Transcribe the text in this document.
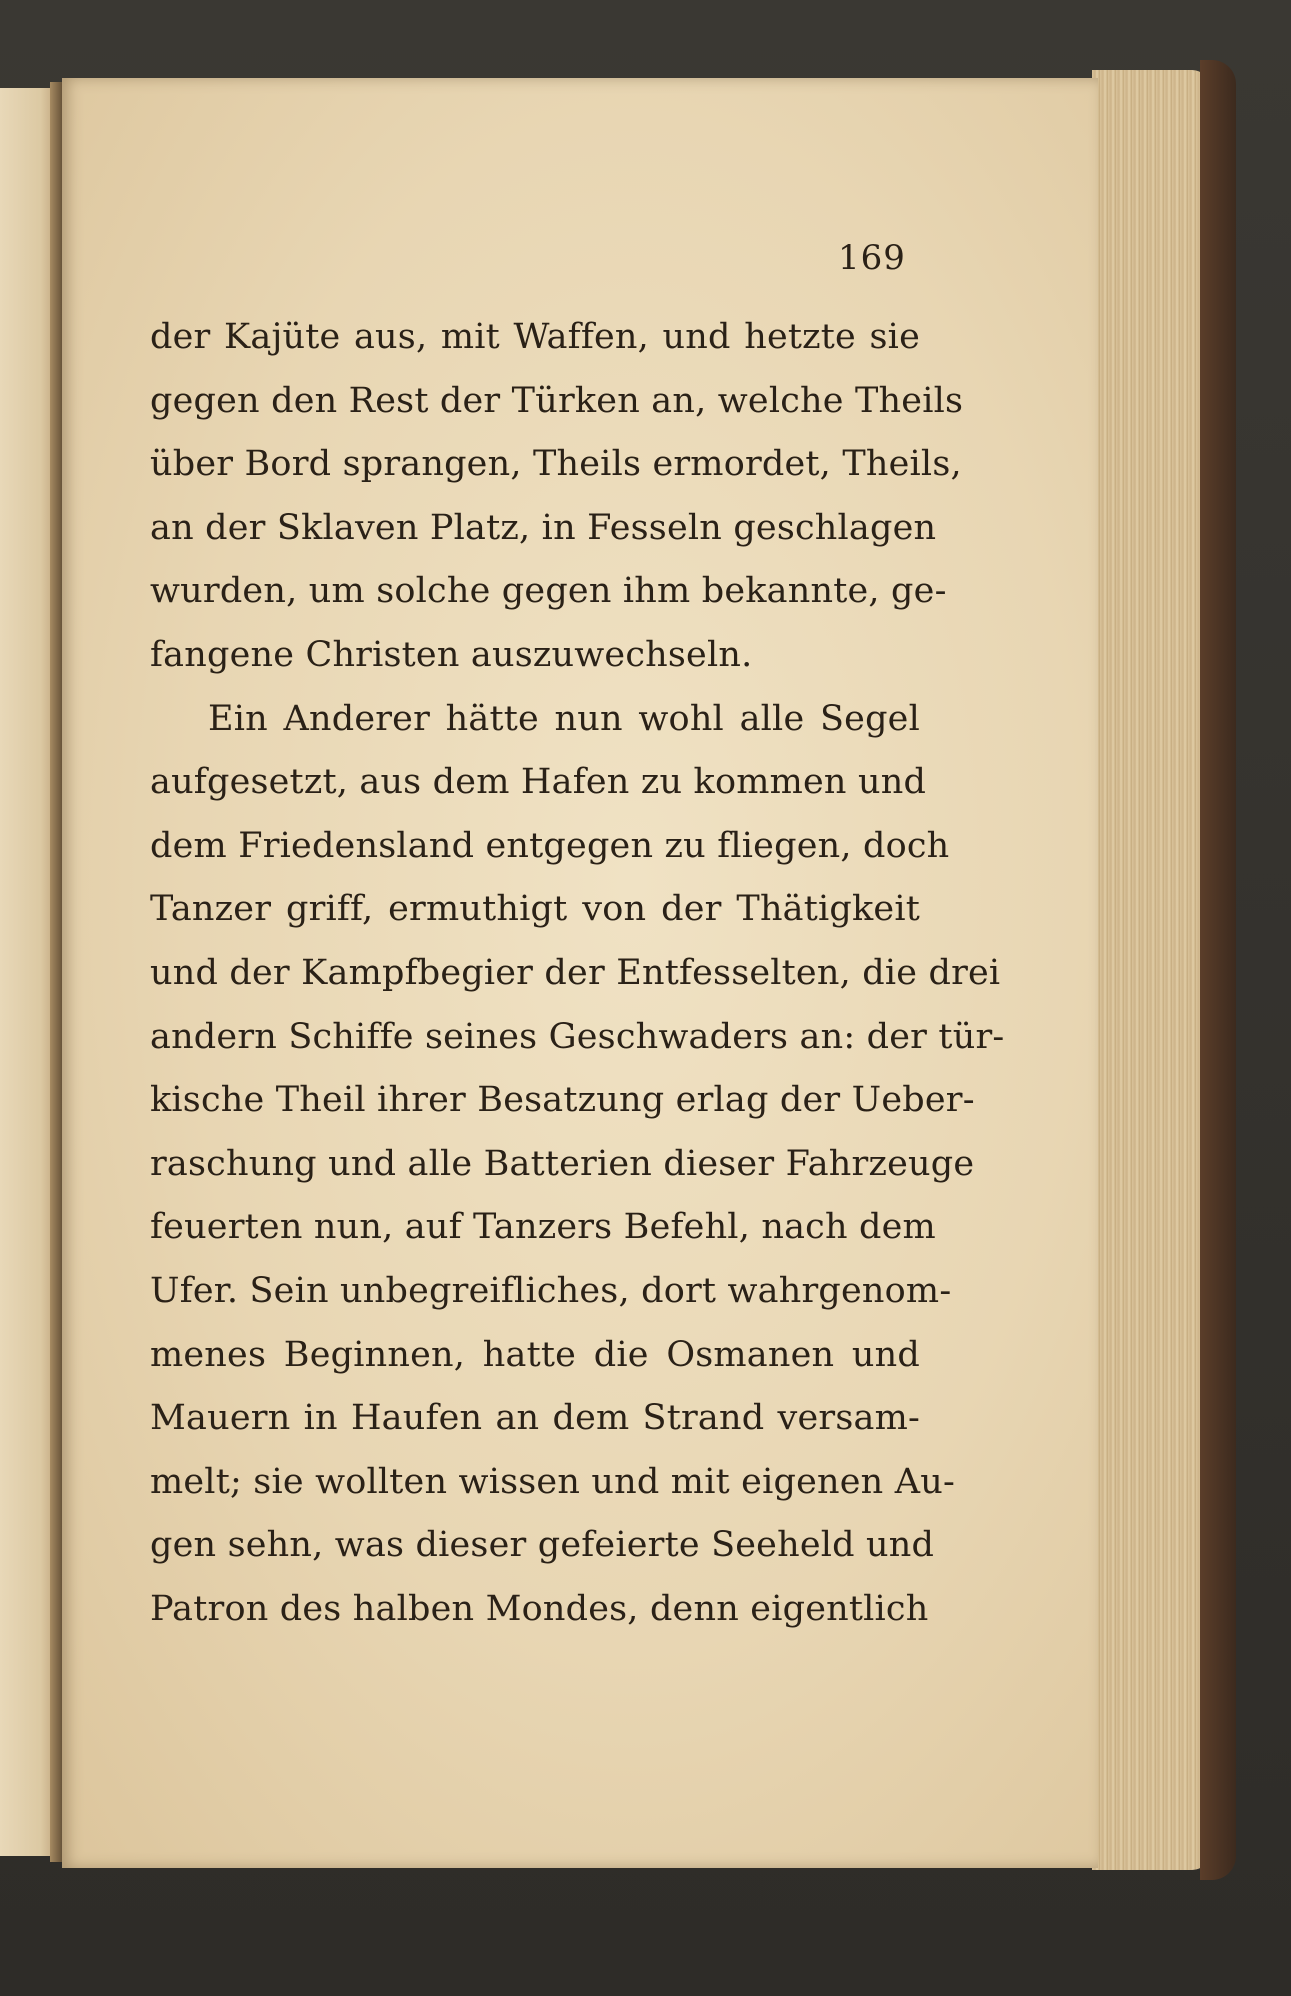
169
der Kajüte aus, mit Waffen, und hetzte sie
gegen den Rest der Türken an, welche Theils
über Bord sprangen, Theils ermordet, Theils,
an der Sklaven Platz, in Fesseln geschlagen
wurden, um solche gegen ihm bekannte, ge-
fangene Christen auszuwechseln.
Ein Anderer hätte nun wohl alle Segel
aufgesetzt, aus dem Hafen zu kommen und
dem Friedensland entgegen zu fliegen, doch
Tanzer griff, ermuthigt von der Thätigkeit
und der Kampfbegier der Entfesselten, die drei
andern Schiffe seines Geschwaders an: der tür-
kische Theil ihrer Besatzung erlag der Ueber-
raschung und alle Batterien dieser Fahrzeuge
feuerten nun, auf Tanzers Befehl, nach dem
Ufer. Sein unbegreifliches, dort wahrgenom-
menes Beginnen, hatte die Osmanen und
Mauern in Haufen an dem Strand versam-
melt; sie wollten wissen und mit eigenen Au-
gen sehn, was dieser gefeierte Seeheld und
Patron des halben Mondes, denn eigentlich
